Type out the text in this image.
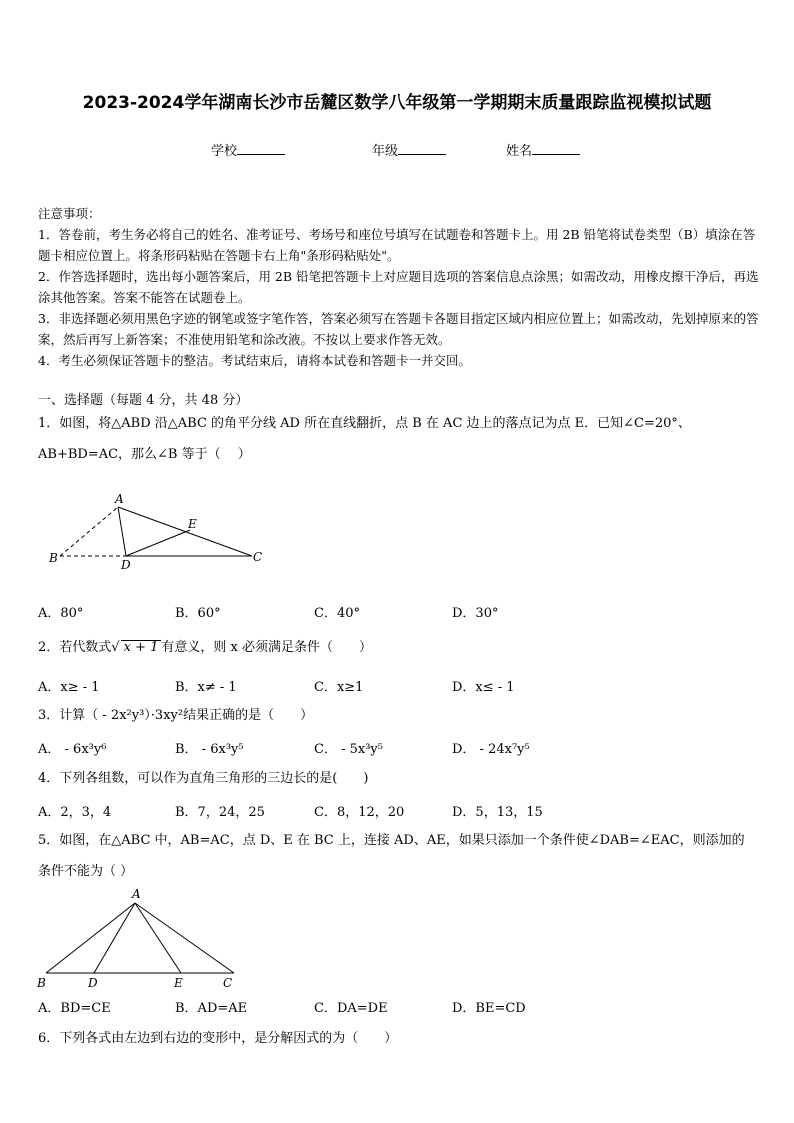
2023-2024学年湖南长沙市岳麓区数学八年级第一学期期末质量跟踪监视模拟试题
学校	年级	姓名

注意事项：

1．答卷前，考生务必将自己的姓名、准考证号、考场号和座位号填写在试题卷和答题卡上。用 2B 铅笔将试卷类型（B）填涂在答题卡相应位置上。将条形码粘贴在答题卡右上角"条形码粘贴处"。

2．作答选择题时，选出每小题答案后，用 2B 铅笔把答题卡上对应题目选项的答案信息点涂黑；如需改动，用橡皮擦干净后，再选涂其他答案。答案不能答在试题卷上。

3．非选择题必须用黑色字迹的钢笔或签字笔作答，答案必须写在答题卡各题目指定区域内相应位置上；如需改动，先划掉原来的答案，然后再写上新答案；不准使用铅笔和涂改液。不按以上要求作答无效。

4．考生必须保证答题卡的整洁。考试结束后，请将本试卷和答题卡一并交回。

一、选择题（每题 4 分，共 48 分）
1．如图，将△ABD 沿△ABC 的角平分线 AD 所在直线翻折，点 B 在 AC 边上的落点记为点 E．已知∠C=20°、
AB+BD=AC，那么∠B 等于（　 ）
A
B	D
E
C
A．80°	B．60°	C．40°	D．30°
2．若代数式√ x + 1 有意义，则 x 必须满足条件（　　）
A．x≥ - 1	B．x≠ - 1	C．x≥1	D．x≤ - 1
3．计算（ - 2x²y³）·3xy²结果正确的是（　　）
A． - 6x³y⁶	B． - 6x³y⁵	C． - 5x³y⁵	D． - 24x⁷y⁵
4．下列各组数，可以作为直角三角形的三边长的是(　　)
A．2，3，4	B．7，24，25	C．8，12，20	D．5，13，15
5．如图，在△ABC 中，AB=AC，点 D、E 在 BC 上，连接 AD、AE，如果只添加一个条件使∠DAB=∠EAC，则添加的
条件不能为（ ）
A
B	D	E	C
A．BD=CE	B．AD=AE	C．DA=DE	D．BE=CD
6．下列各式由左边到右边的变形中，是分解因式的为（　　）
